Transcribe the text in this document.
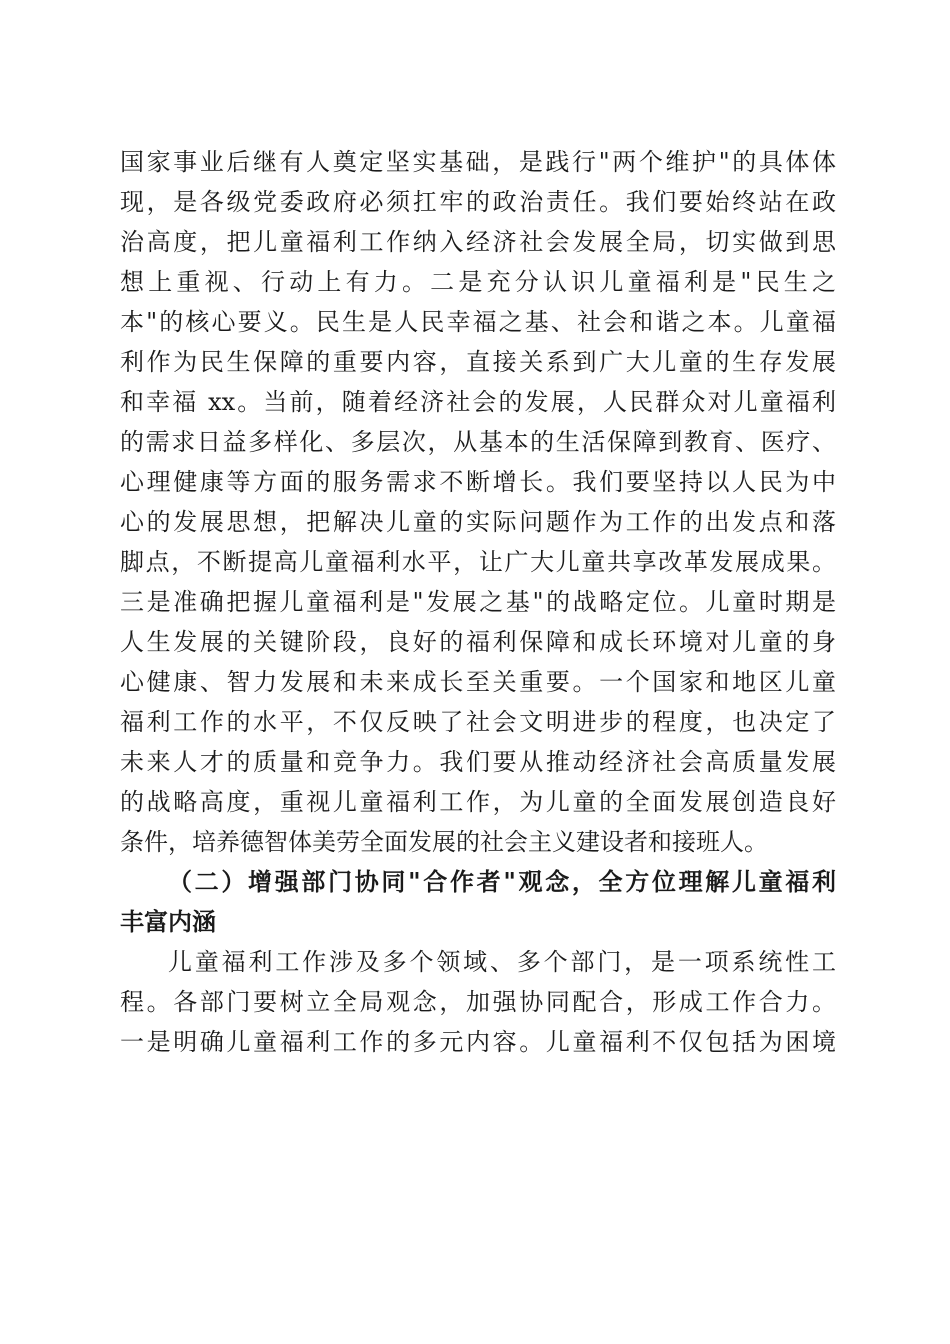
国家事业后继有人奠定坚实基础，是践行"两个维护"的具体体
现，是各级党委政府必须扛牢的政治责任。我们要始终站在政
治高度，把儿童福利工作纳入经济社会发展全局，切实做到思
想上重视、行动上有力。二是充分认识儿童福利是"民生之
本"的核心要义。民生是人民幸福之基、社会和谐之本。儿童福
利作为民生保障的重要内容，直接关系到广大儿童的生存发展
和幸福 xx。当前，随着经济社会的发展，人民群众对儿童福利
的需求日益多样化、多层次，从基本的生活保障到教育、医疗、
心理健康等方面的服务需求不断增长。我们要坚持以人民为中
心的发展思想，把解决儿童的实际问题作为工作的出发点和落
脚点，不断提高儿童福利水平，让广大儿童共享改革发展成果。
三是准确把握儿童福利是"发展之基"的战略定位。儿童时期是
人生发展的关键阶段，良好的福利保障和成长环境对儿童的身
心健康、智力发展和未来成长至关重要。一个国家和地区儿童
福利工作的水平，不仅反映了社会文明进步的程度，也决定了
未来人才的质量和竞争力。我们要从推动经济社会高质量发展
的战略高度，重视儿童福利工作，为儿童的全面发展创造良好
条件，培养德智体美劳全面发展的社会主义建设者和接班人。
（二）增强部门协同"合作者"观念，全方位理解儿童福利
丰富内涵
儿童福利工作涉及多个领域、多个部门，是一项系统性工
程。各部门要树立全局观念，加强协同配合，形成工作合力。
一是明确儿童福利工作的多元内容。儿童福利不仅包括为困境
